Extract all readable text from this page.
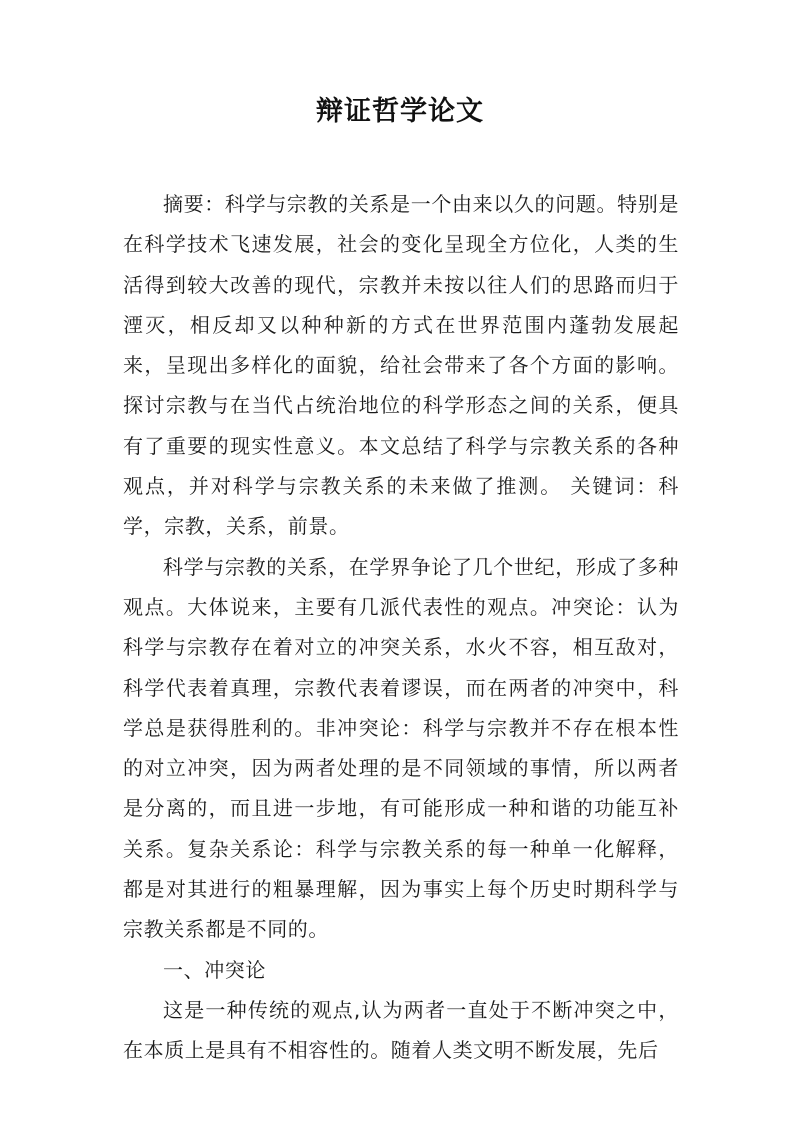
辩证哲学论文

摘要：科学与宗教的关系是一个由来以久的问题。特别是在科学技术飞速发展，社会的变化呈现全方位化，人类的生活得到较大改善的现代，宗教并未按以往人们的思路而归于湮灭，相反却又以种种新的方式在世界范围内蓬勃发展起来，呈现出多样化的面貌，给社会带来了各个方面的影响。探讨宗教与在当代占统治地位的科学形态之间的关系，便具有了重要的现实性意义。本文总结了科学与宗教关系的各种观点，并对科学与宗教关系的未来做了推测。 关键词：科学，宗教，关系，前景。

科学与宗教的关系，在学界争论了几个世纪，形成了多种观点。大体说来，主要有几派代表性的观点。冲突论：认为科学与宗教存在着对立的冲突关系，水火不容，相互敌对，科学代表着真理，宗教代表着谬误，而在两者的冲突中，科学总是获得胜利的。非冲突论：科学与宗教并不存在根本性的对立冲突，因为两者处理的是不同领域的事情，所以两者是分离的，而且进一步地，有可能形成一种和谐的功能互补关系。复杂关系论：科学与宗教关系的每一种单一化解释，都是对其进行的粗暴理解，因为事实上每个历史时期科学与宗教关系都是不同的。

一、冲突论

这是一种传统的观点,认为两者一直处于不断冲突之中，在本质上是具有不相容性的。随着人类文明不断发展，先后
